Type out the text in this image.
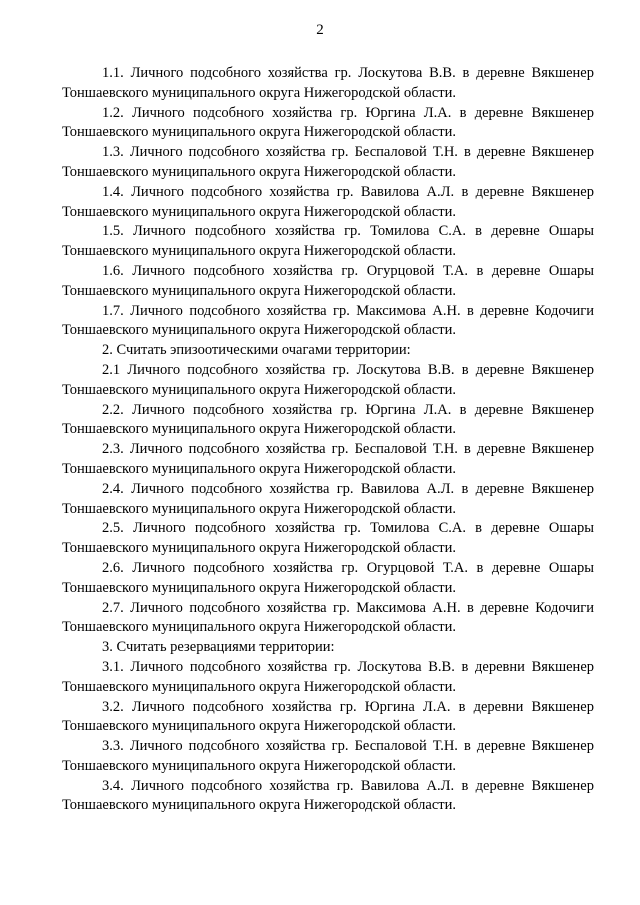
2

1.1. Личного подсобного хозяйства гр. Лоскутова В.В. в деревне Вякшенер Тоншаевского муниципального округа Нижегородской области.

1.2. Личного подсобного хозяйства гр. Юргина Л.А. в деревне Вякшенер Тоншаевского муниципального округа Нижегородской области.

1.3. Личного подсобного хозяйства гр. Беспаловой Т.Н. в деревне Вякшенер Тоншаевского муниципального округа Нижегородской области.

1.4. Личного подсобного хозяйства гр. Вавилова А.Л. в деревне Вякшенер Тоншаевского муниципального округа Нижегородской области.

1.5. Личного подсобного хозяйства гр. Томилова С.А. в деревне Ошары Тоншаевского муниципального округа Нижегородской области.

1.6. Личного подсобного хозяйства гр. Огурцовой Т.А. в деревне Ошары Тоншаевского муниципального округа Нижегородской области.

1.7. Личного подсобного хозяйства гр. Максимова А.Н. в деревне Кодочиги Тоншаевского муниципального округа Нижегородской области.

2. Считать эпизоотическими очагами территории:

2.1 Личного подсобного хозяйства гр. Лоскутова В.В. в деревне Вякшенер Тоншаевского муниципального округа Нижегородской области.

2.2. Личного подсобного хозяйства гр. Юргина Л.А. в деревне Вякшенер Тоншаевского муниципального округа Нижегородской области.

2.3. Личного подсобного хозяйства гр. Беспаловой Т.Н. в деревне Вякшенер Тоншаевского муниципального округа Нижегородской области.

2.4. Личного подсобного хозяйства гр. Вавилова А.Л. в деревне Вякшенер Тоншаевского муниципального округа Нижегородской области.

2.5. Личного подсобного хозяйства гр. Томилова С.А. в деревне Ошары Тоншаевского муниципального округа Нижегородской области.

2.6. Личного подсобного хозяйства гр. Огурцовой Т.А. в деревне Ошары Тоншаевского муниципального округа Нижегородской области.

2.7. Личного подсобного хозяйства гр. Максимова А.Н. в деревне Кодочиги Тоншаевского муниципального округа Нижегородской области.

3. Считать резервациями территории:

3.1. Личного подсобного хозяйства гр. Лоскутова В.В. в деревни Вякшенер Тоншаевского муниципального округа Нижегородской области.

3.2. Личного подсобного хозяйства гр. Юргина Л.А. в деревни Вякшенер Тоншаевского муниципального округа Нижегородской области.

3.3. Личного подсобного хозяйства гр. Беспаловой Т.Н. в деревне Вякшенер Тоншаевского муниципального округа Нижегородской области.

3.4. Личного подсобного хозяйства гр. Вавилова А.Л. в деревне Вякшенер Тоншаевского муниципального округа Нижегородской области.
